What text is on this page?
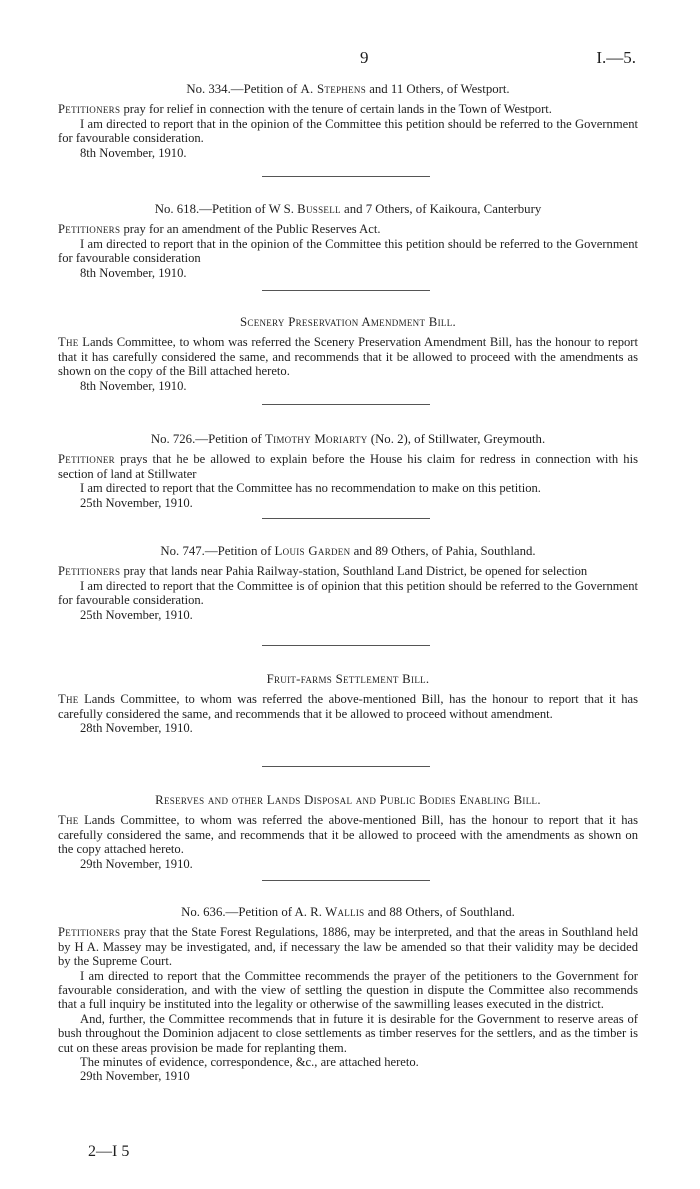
9	I.—5.
No. 334.—Petition of A. Stephens and 11 Others, of Westport.
Petitioners pray for relief in connection with the tenure of certain lands in the Town of Westport.
I am directed to report that in the opinion of the Committee this petition should be referred to the Government for favourable consideration.
8th November, 1910.
No. 618.—Petition of W S. Bussell and 7 Others, of Kaikoura, Canterbury
Petitioners pray for an amendment of the Public Reserves Act.
I am directed to report that in the opinion of the Committee this petition should be referred to the Government for favourable consideration
8th November, 1910.
Scenery Preservation Amendment Bill.
The Lands Committee, to whom was referred the Scenery Preservation Amendment Bill, has the honour to report that it has carefully considered the same, and recommends that it be allowed to proceed with the amendments as shown on the copy of the Bill attached hereto.
8th November, 1910.
No. 726.—Petition of Timothy Moriarty (No. 2), of Stillwater, Greymouth.
Petitioner prays that he be allowed to explain before the House his claim for redress in connection with his section of land at Stillwater
I am directed to report that the Committee has no recommendation to make on this petition.
25th November, 1910.
No. 747.—Petition of Louis Garden and 89 Others, of Pahia, Southland.
Petitioners pray that lands near Pahia Railway-station, Southland Land District, be opened for selection
I am directed to report that the Committee is of opinion that this petition should be referred to the Government for favourable consideration.
25th November, 1910.
Fruit-farms Settlement Bill.
The Lands Committee, to whom was referred the above-mentioned Bill, has the honour to report that it has carefully considered the same, and recommends that it be allowed to proceed without amendment.
28th November, 1910.
Reserves and other Lands Disposal and Public Bodies Enabling Bill.
The Lands Committee, to whom was referred the above-mentioned Bill, has the honour to report that it has carefully considered the same, and recommends that it be allowed to proceed with the amendments as shown on the copy attached hereto.
29th November, 1910.
No. 636.—Petition of A. R. Wallis and 88 Others, of Southland.
Petitioners pray that the State Forest Regulations, 1886, may be interpreted, and that the areas in Southland held by H A. Massey may be investigated, and, if necessary the law be amended so that their validity may be decided by the Supreme Court.
I am directed to report that the Committee recommends the prayer of the petitioners to the Government for favourable consideration, and with the view of settling the question in dispute the Committee also recommends that a full inquiry be instituted into the legality or otherwise of the sawmilling leases executed in the district.
And, further, the Committee recommends that in future it is desirable for the Government to reserve areas of bush throughout the Dominion adjacent to close settlements as timber reserves for the settlers, and as the timber is cut on these areas provision be made for replanting them.
The minutes of evidence, correspondence, &c., are attached hereto.
29th November, 1910
2—I 5
